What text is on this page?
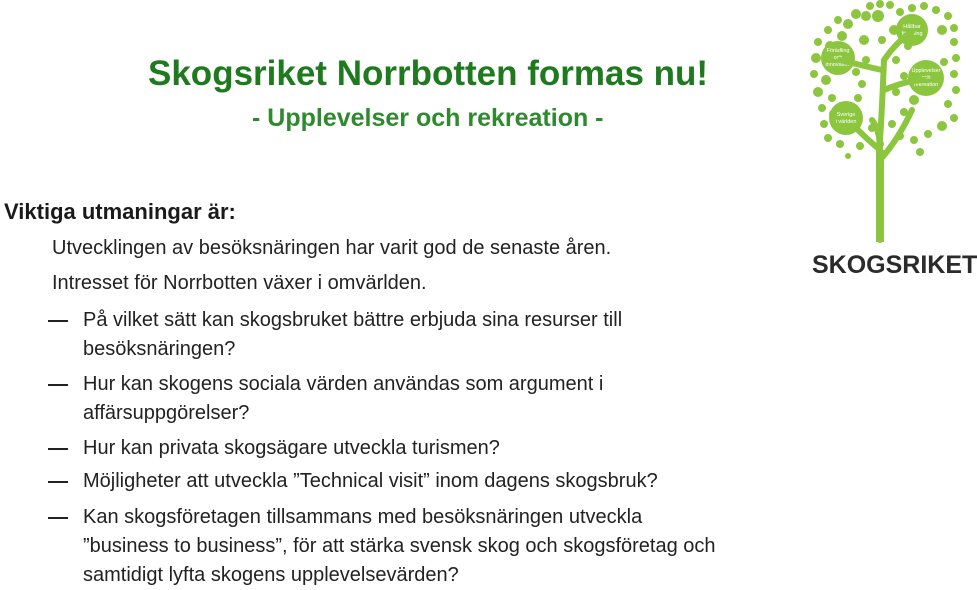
Skogsriket Norrbotten formas nu!
- Upplevelser och rekreation -
Viktiga utmaningar är:

Utvecklingen av besöksnäringen har varit god de senaste åren.

Intresset för Norrbotten växer i omvärlden.

På vilket sätt kan skogsbruket bättre erbjuda sina resurser till
besöksnäringen?
Hur kan skogens sociala värden användas som argument i
affärsuppgörelser?
Hur kan privata skogsägare utveckla turismen?
Möjligheter att utveckla ”Technical visit” inom dagens skogsbruk?
Kan skogsföretagen tillsammans med besöksnäringen utveckla
”business to business”, för att stärka svensk skog och skogsföretag och
samtidigt lyfta skogens upplevelsevärden?
Hållbar
förädling
Förädling
och
innovation
Upplevelser
och
rekreation
Sverige
i världen
SKOGSRIKET
